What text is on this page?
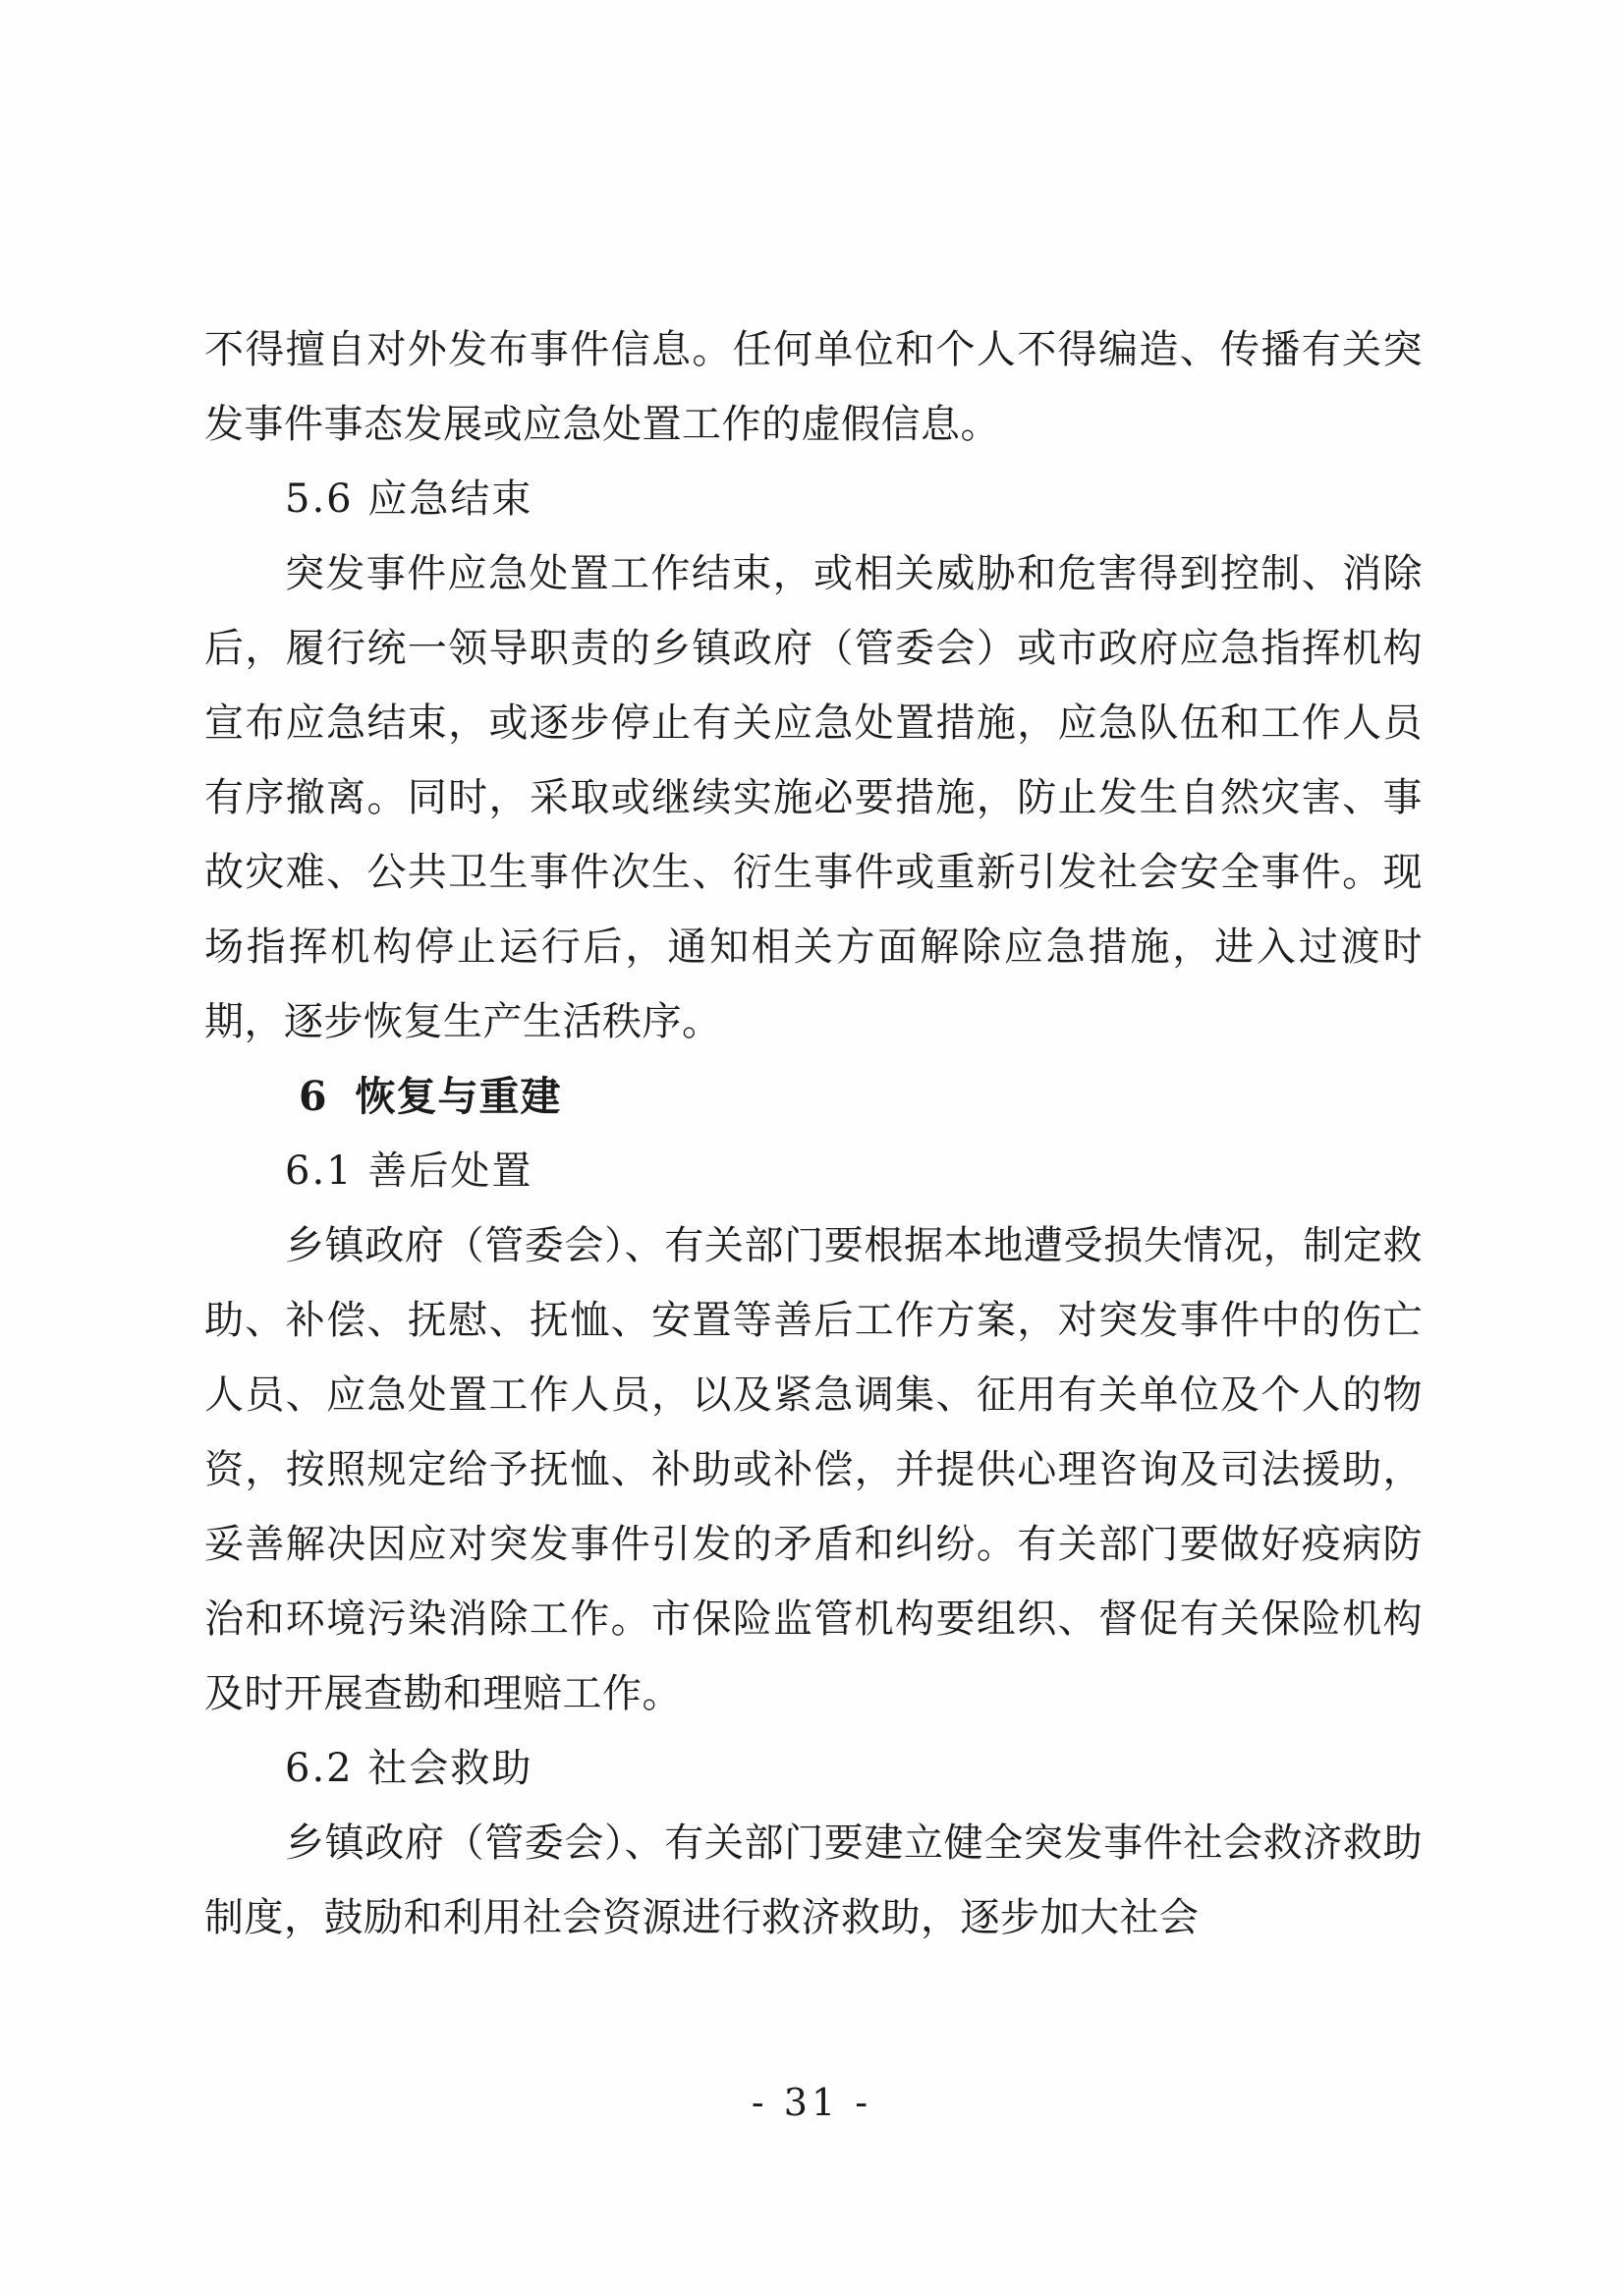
不得擅自对外发布事件信息。任何单位和个人不得编造、传播有关突发事件事态发展或应急处置工作的虚假信息。

5.6 应急结束

突发事件应急处置工作结束，或相关威胁和危害得到控制、消除后，履行统一领导职责的乡镇政府（管委会）或市政府应急指挥机构宣布应急结束，或逐步停止有关应急处置措施，应急队伍和工作人员有序撤离。同时，采取或继续实施必要措施，防止发生自然灾害、事故灾难、公共卫生事件次生、衍生事件或重新引发社会安全事件。现场指挥机构停止运行后，通知相关方面解除应急措施，进入过渡时期，逐步恢复生产生活秩序。

6 恢复与重建
6.1 善后处置

乡镇政府（管委会）、有关部门要根据本地遭受损失情况，制定救助、补偿、抚慰、抚恤、安置等善后工作方案，对突发事件中的伤亡人员、应急处置工作人员，以及紧急调集、征用有关单位及个人的物资，按照规定给予抚恤、补助或补偿，并提供心理咨询及司法援助，妥善解决因应对突发事件引发的矛盾和纠纷。有关部门要做好疫病防治和环境污染消除工作。市保险监管机构要组织、督促有关保险机构及时开展查勘和理赔工作。

6.2 社会救助

乡镇政府（管委会）、有关部门要建立健全突发事件社会救济救助制度，鼓励和利用社会资源进行救济救助，逐步加大社会

- 31 -
